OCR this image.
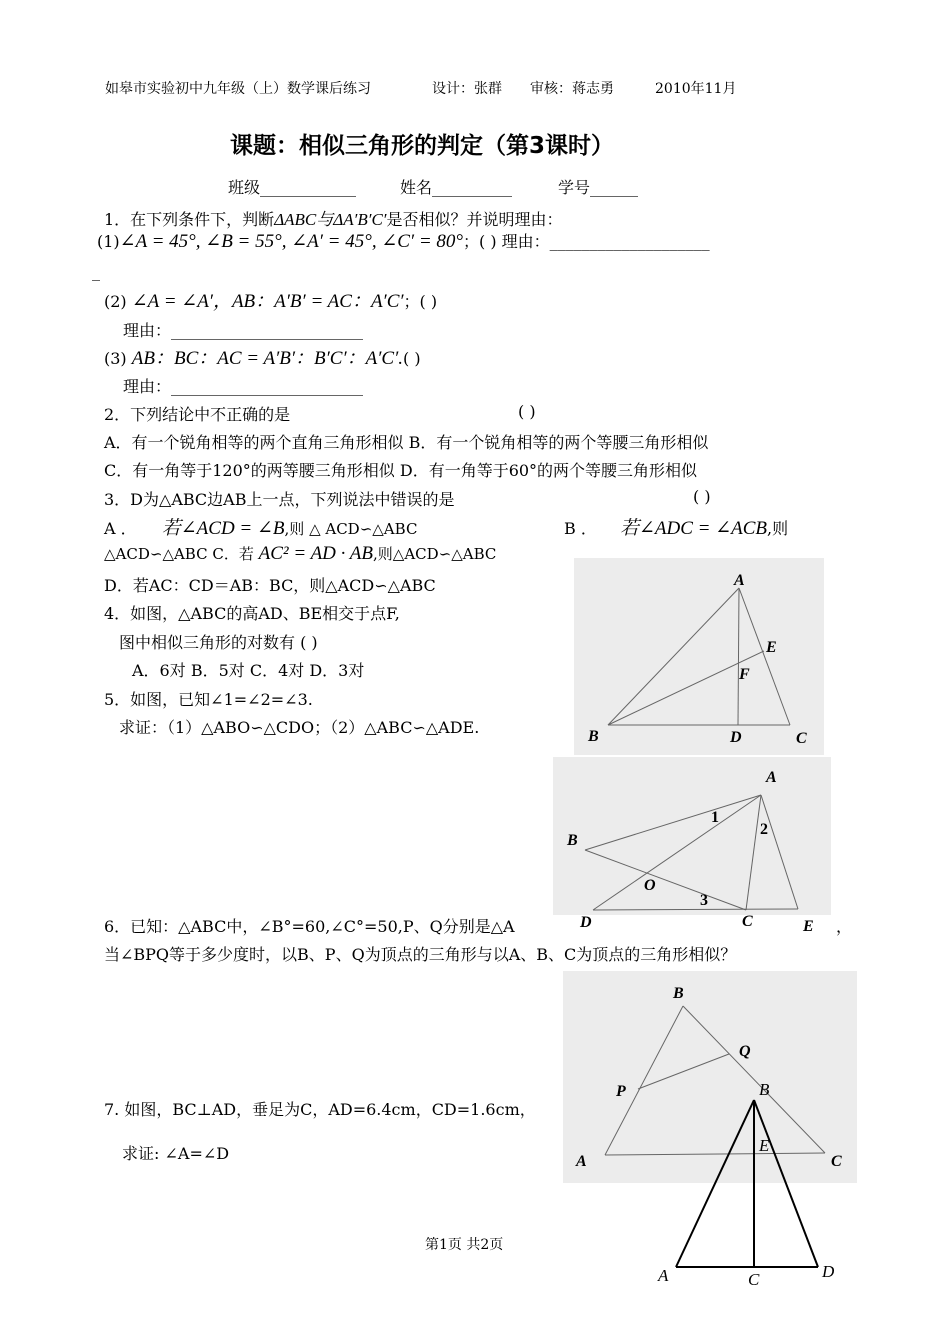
如皋市实验初中九年级（上）数学课后练习	设计：张群 审核：蒋志勇	2010年11月
课题：相似三角形的判定（第3课时）
班级____________	姓名__________	学号______
1．在下列条件下，判断ΔABC与ΔA′B′C′是否相似？并说明理由：
(1)∠A = 45°, ∠B = 55°, ∠A′ = 45°, ∠C′ = 80°；( ) 理由：____________________
_
(2) ∠A = ∠A′，AB：A′B′ = AC：A′C′；( )
理由：________________________
(3) AB：BC：AC = A′B′：B′C′：A′C′.( )
理由：________________________
2．下列结论中不正确的是	( )
A．有一个锐角相等的两个直角三角形相似 B．有一个锐角相等的两个等腰三角形相似
C．有一角等于120°的两等腰三角形相似 D．有一角等于60°的两个等腰三角形相似
3．D为△ABC边AB上一点，下列说法中错误的是	( )
A ． 若∠ACD = ∠B,则 △ ACD∽△ABC	B ． 若∠ADC = ∠ACB,则
△ACD∽△ABC C．若 AC² = AD · AB,则△ACD∽△ABC
D．若AC：CD＝AB：BC，则△ACD∽△ABC	A
E
F
B	D	C
4．如图，△ABC的高AD、BE相交于点F,
图中相似三角形的对数有 ( )
A．6对 B．5对 C．4对 D．3对
5．如图，已知∠1=∠2=∠3.
求证：（1）△ABO∽△CDO；（2）△ABC∽△ADE.
A
B
1
2
O
3
D	C	E
6．已知：△ABC中，∠B°=60,∠C°=50,P、Q分别是△A	，
当∠BPQ等于多少度时，以B、P、Q为顶点的三角形与以A、B、C为顶点的三角形相似？
B
Q
P
A	C
B
E
A	C	D
7. 如图，BC⊥AD，垂足为C，AD=6.4cm，CD=1.6cm，
求证: ∠A=∠D
第1页 共2页
